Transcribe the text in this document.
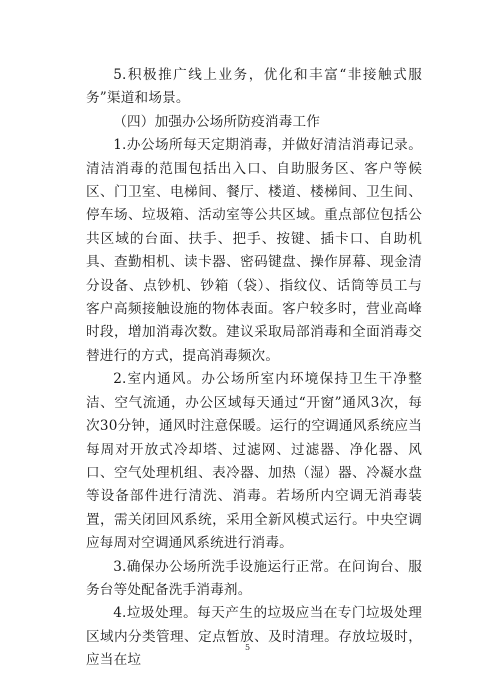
5.积极推广线上业务，优化和丰富“非接触式服务”渠道和场景。

（四）加强办公场所防疫消毒工作

1.办公场所每天定期消毒，并做好清洁消毒记录。清洁消毒的范围包括出入口、自助服务区、客户等候区、门卫室、电梯间、餐厅、楼道、楼梯间、卫生间、停车场、垃圾箱、活动室等公共区域。重点部位包括公共区域的台面、扶手、把手、按键、插卡口、自助机具、查勤相机、读卡器、密码键盘、操作屏幕、现金清分设备、点钞机、钞箱（袋）、指纹仪、话筒等员工与客户高频接触设施的物体表面。客户较多时，营业高峰时段，增加消毒次数。建议采取局部消毒和全面消毒交替进行的方式，提高消毒频次。

2.室内通风。办公场所室内环境保持卫生干净整洁、空气流通，办公区域每天通过“开窗”通风3次，每次30分钟，通风时注意保暖。运行的空调通风系统应当每周对开放式冷却塔、过滤网、过滤器、净化器、风口、空气处理机组、表冷器、加热（湿）器、冷凝水盘等设备部件进行清洗、消毒。若场所内空调无消毒装置，需关闭回风系统，采用全新风模式运行。中央空调应每周对空调通风系统进行消毒。

3.确保办公场所洗手设施运行正常。在问询台、服务台等处配备洗手消毒剂。

4.垃圾处理。每天产生的垃圾应当在专门垃圾处理区域内分类管理、定点暂放、及时清理。存放垃圾时，应当在垃

5
